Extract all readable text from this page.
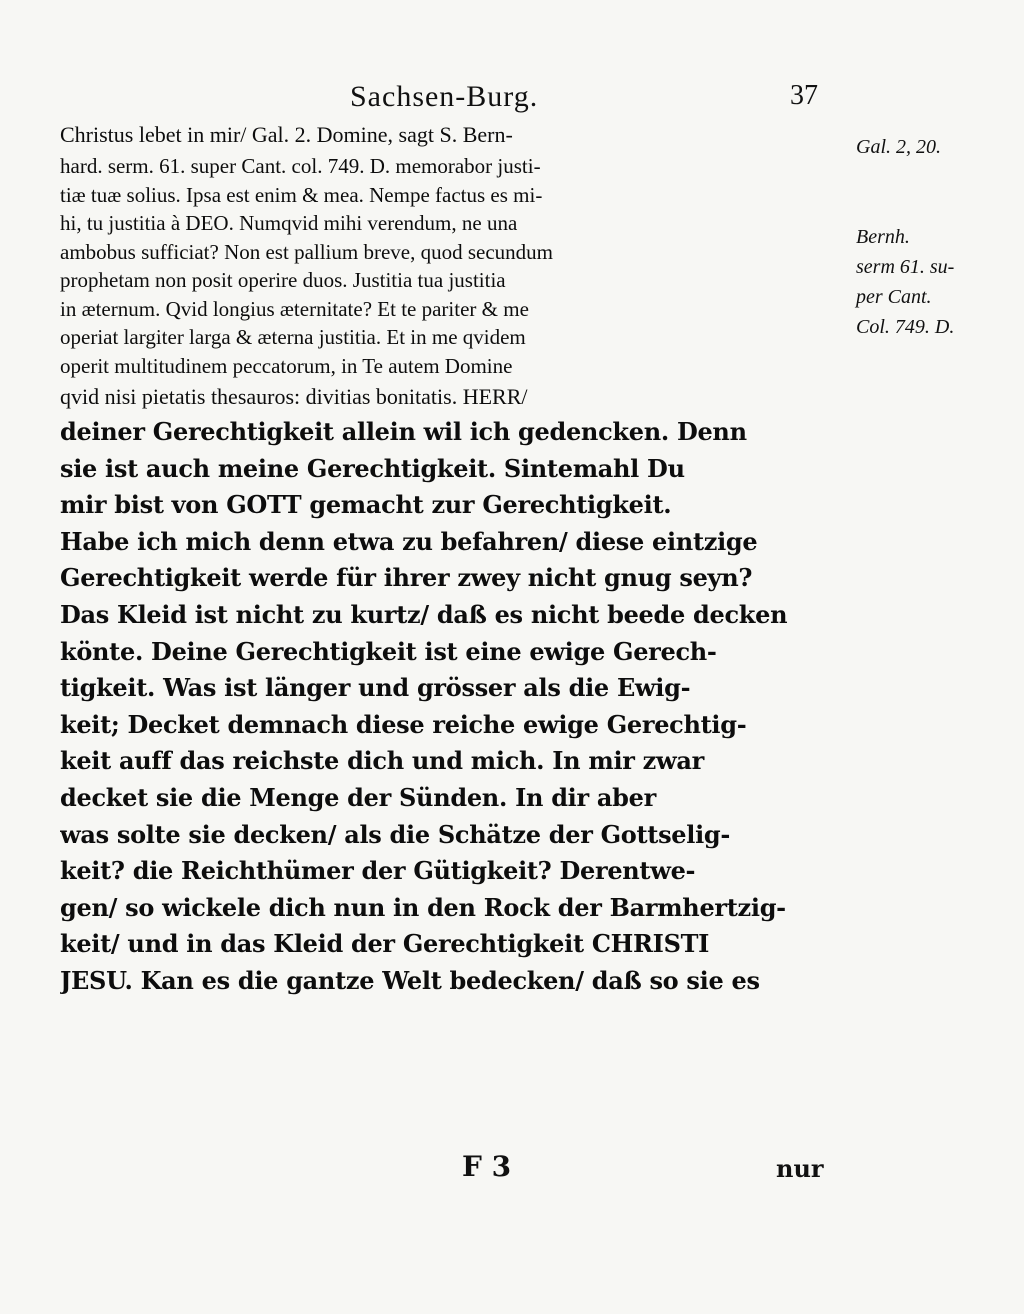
Sachsen-Burg.	37
Christus lebet in mir/ Gal. 2. Domine, sagt S. Bern-
hard. serm. 61. super Cant. col. 749. D. memorabor justi-
tiæ tuæ solius. Ipsa est enim & mea. Nempe factus es mi-
hi, tu justitia à DEO. Numqvid mihi verendum, ne una
ambobus sufficiat? Non est pallium breve, quod secundum
prophetam non posit operire duos. Justitia tua justitia
in æternum. Qvid longius æternitate? Et te pariter & me
operiat largiter larga & æterna justitia. Et in me qvidem
operit multitudinem peccatorum, in Te autem Domine
qvid nisi pietatis thesauros: divitias bonitatis. HERR/
deiner Gerechtigkeit allein wil ich gedencken. Denn
sie ist auch meine Gerechtigkeit. Sintemahl Du
mir bist von GOTT gemacht zur Gerechtigkeit.
Habe ich mich denn etwa zu befahren/ diese eintzige
Gerechtigkeit werde für ihrer zwey nicht gnug seyn?
Das Kleid ist nicht zu kurtz/ daß es nicht beede decken
könte. Deine Gerechtigkeit ist eine ewige Gerech-
tigkeit. Was ist länger und grösser als die Ewig-
keit; Decket demnach diese reiche ewige Gerechtig-
keit auff das reichste dich und mich. In mir zwar
decket sie die Menge der Sünden. In dir aber
was solte sie decken/ als die Schätze der Gottselig-
keit? die Reichthümer der Gütigkeit? Derentwe-
gen/ so wickele dich nun in den Rock der Barmhertzig-
keit/ und in das Kleid der Gerechtigkeit CHRISTI
JESU. Kan es die gantze Welt bedecken/ daß so sie es
Gal. 2, 20.
Bernh.
serm 61. su-
per Cant.
Col. 749. D.
F 3	nur
